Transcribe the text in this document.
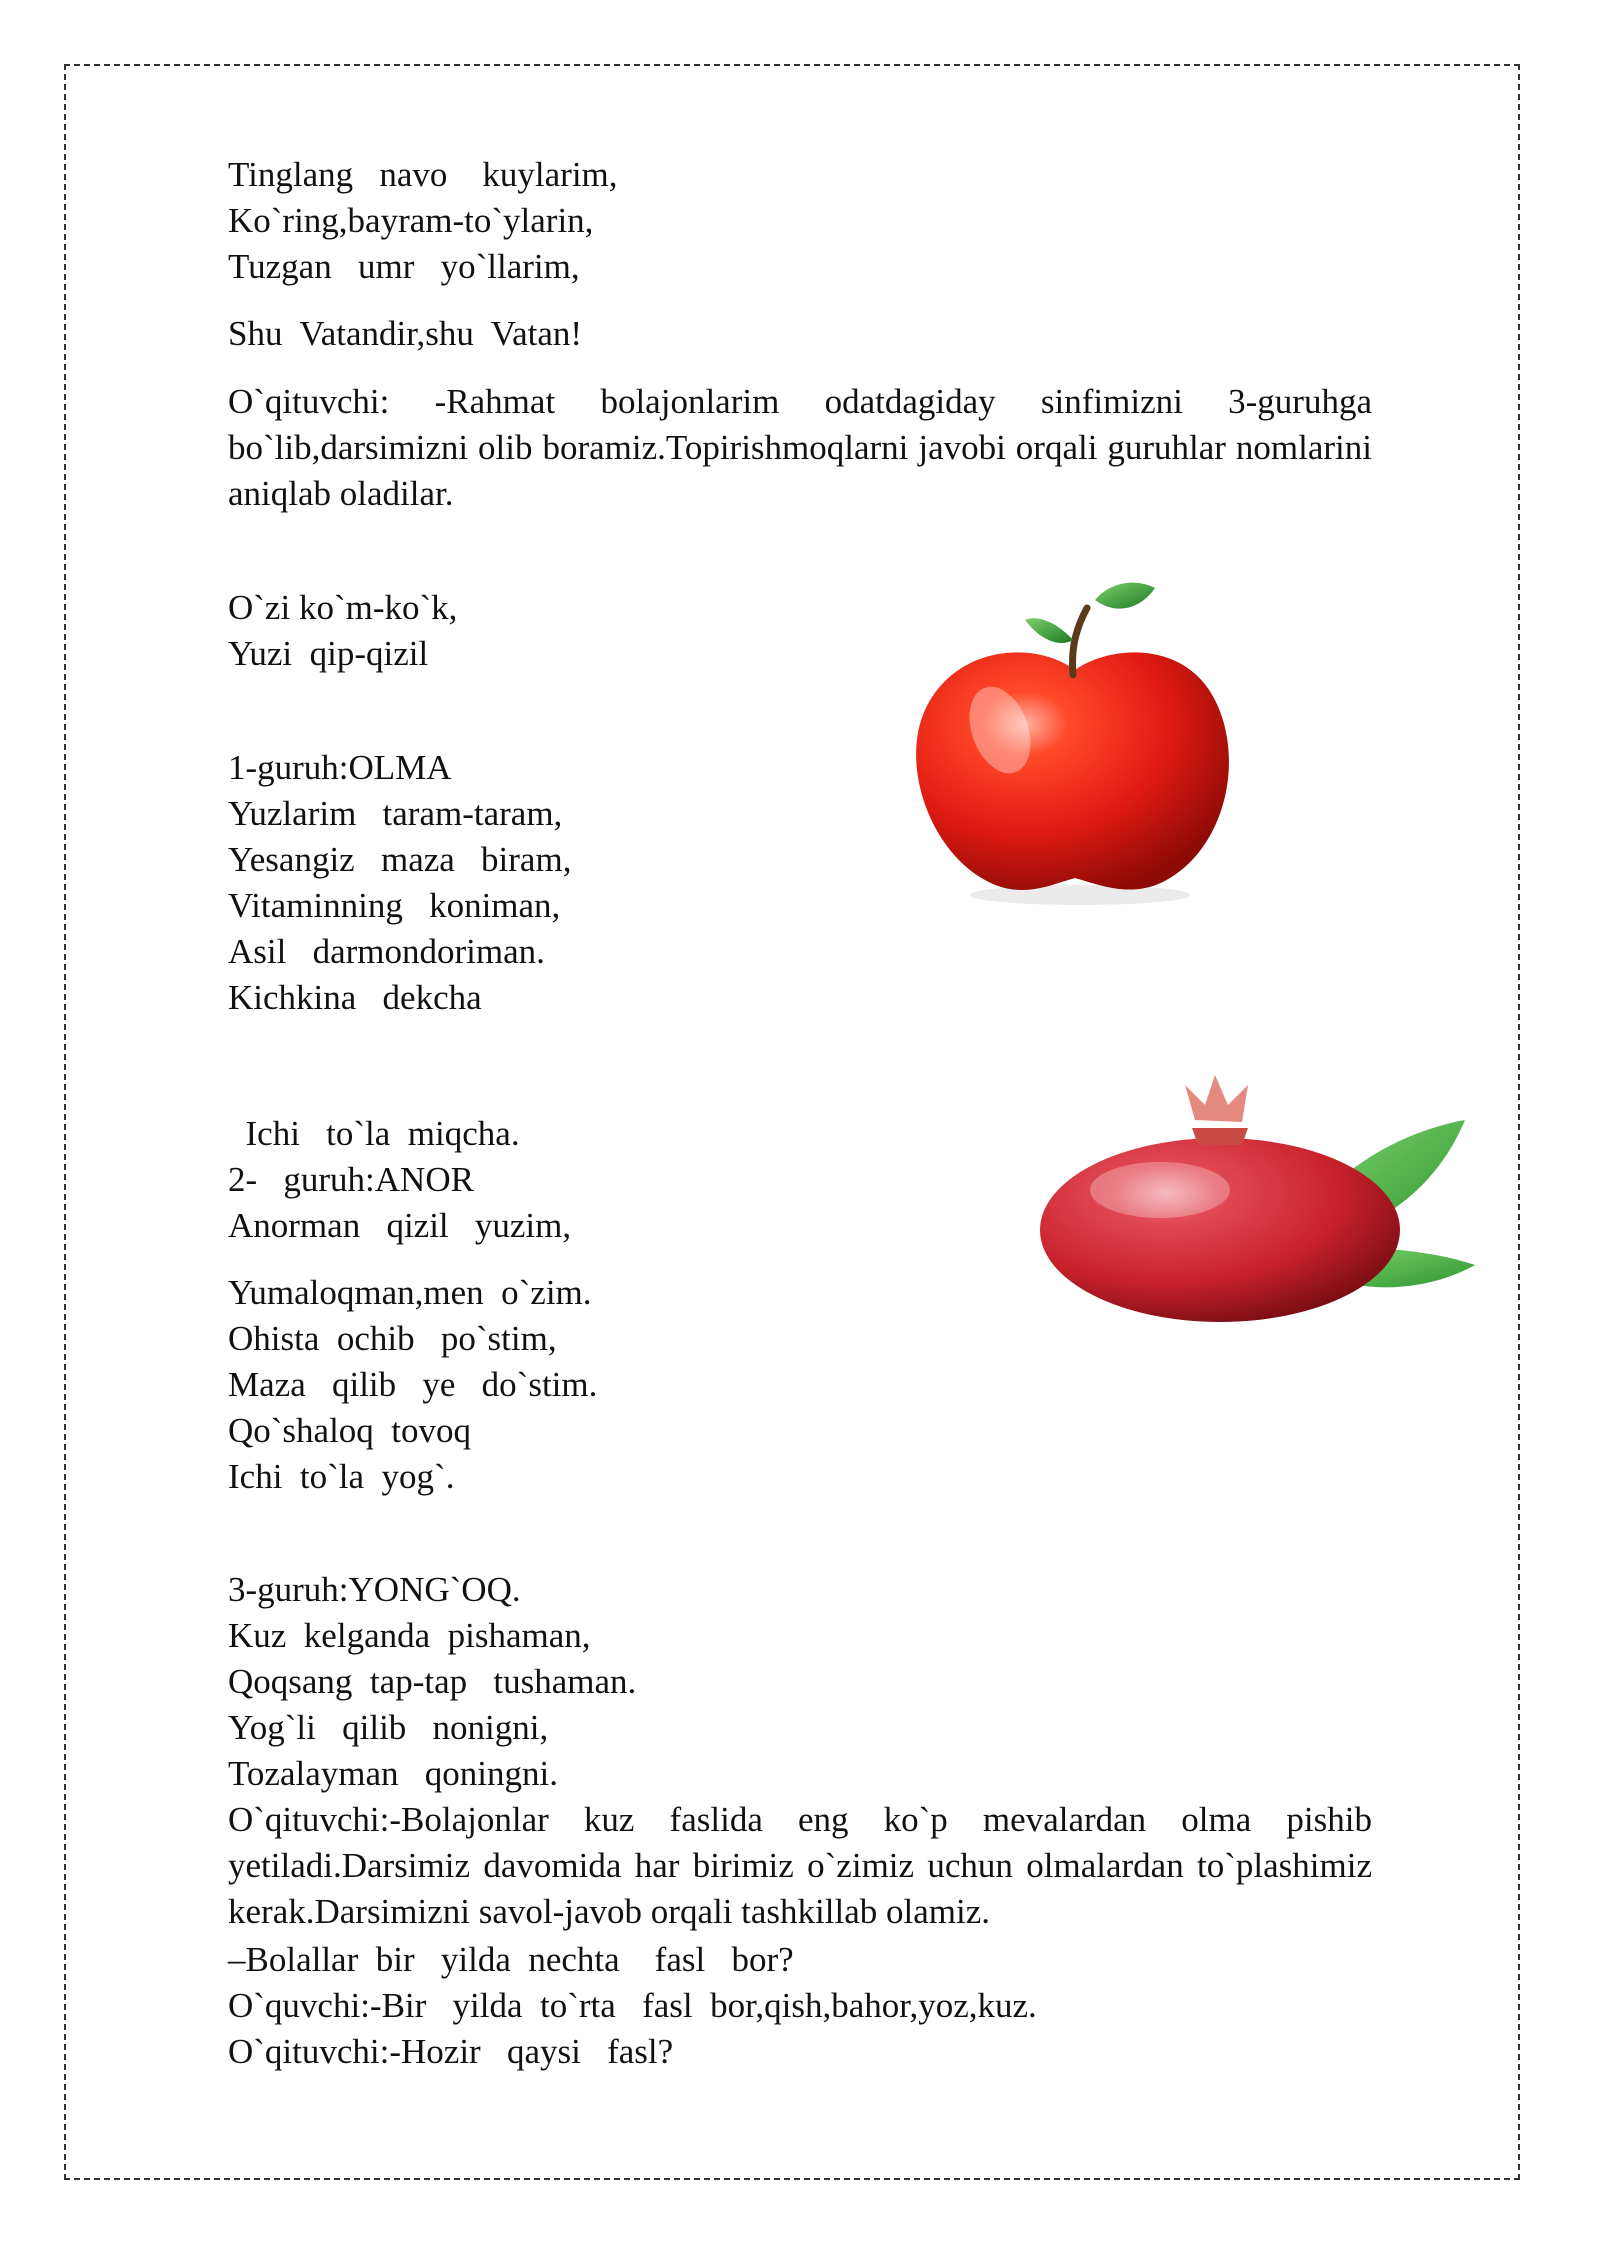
Tinglang   navo    kuylarim,

Ko`ring,bayram-to`ylarin,

Tuzgan   umr   yo`llarim,

Shu  Vatandir,shu  Vatan!

O`qituvchi: -Rahmat bolajonlarim odatdagiday sinfimizni 3-guruhga bo`lib,darsimizni olib boramiz.Topirishmoqlarni javobi orqali guruhlar nomlarini aniqlab oladilar.

O`zi ko`m-ko`k,

Yuzi  qip-qizil

1-guruh:OLMA

Yuzlarim   taram-taram,

Yesangiz   maza   biram,

Vitaminning   koniman,

Asil   darmondoriman.

Kichkina   dekcha

Ichi   to`la  miqcha.

2-   guruh:ANOR

Anorman   qizil   yuzim,

Yumaloqman,men  o`zim.

Ohista  ochib   po`stim,

Maza   qilib   ye   do`stim.

Qo`shaloq  tovoq

Ichi  to`la  yog`.

3-guruh:YONG`OQ.

Kuz  kelganda  pishaman,

Qoqsang  tap-tap   tushaman.

Yog`li   qilib   nonigni,

Tozalayman   qoningni.

O`qituvchi:-Bolajonlar kuz faslida eng ko`p mevalardan olma pishib yetiladi.Darsimiz davomida har birimiz o`zimiz uchun olmalardan to`plashimiz kerak.Darsimizni savol-javob orqali tashkillab olamiz.

–Bolallar  bir   yilda  nechta    fasl   bor?

O`quvchi:-Bir   yilda  to`rta   fasl  bor,qish,bahor,yoz,kuz.

O`qituvchi:-Hozir   qaysi   fasl?
